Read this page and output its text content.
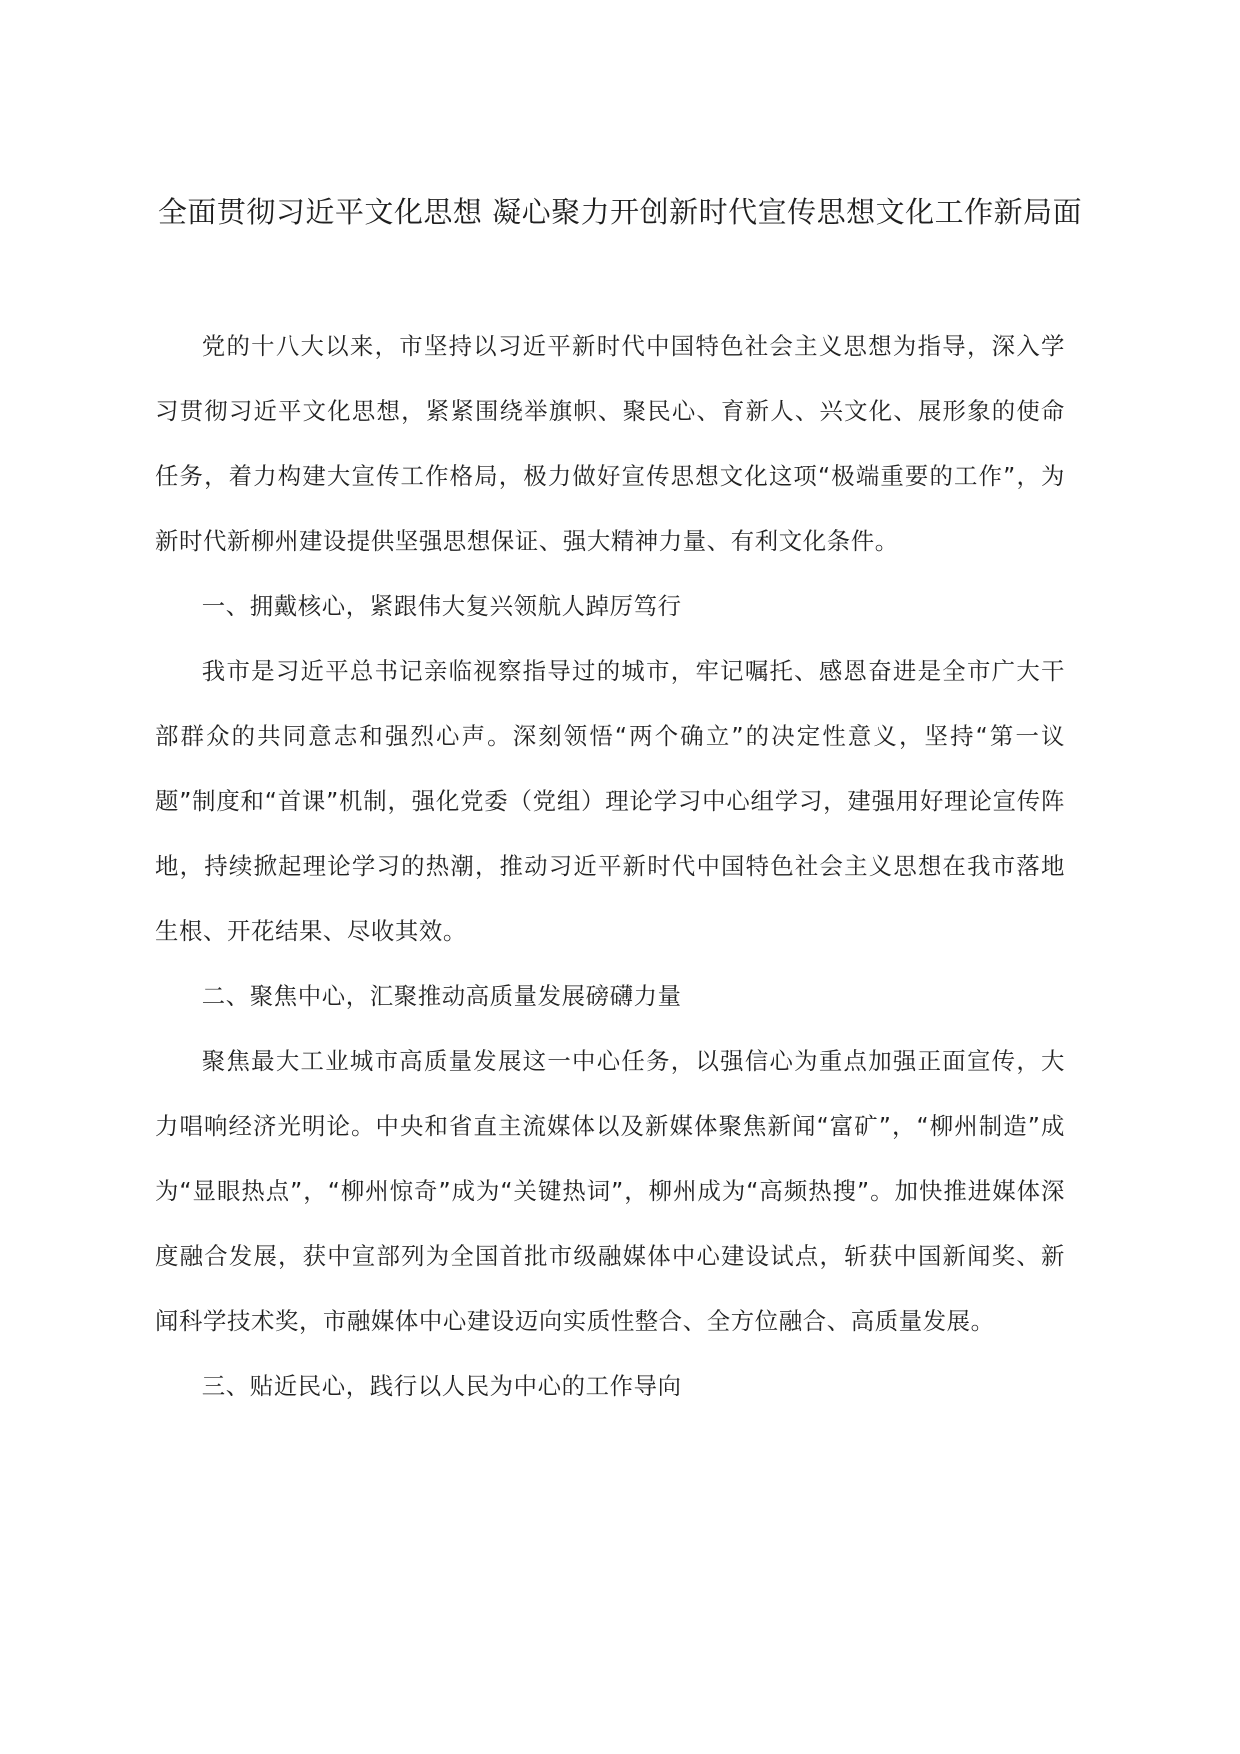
全面贯彻习近平文化思想 凝心聚力开创新时代宣传思想文化工作新局面

党的十八大以来，市坚持以习近平新时代中国特色社会主义思想为指导，深入学习贯彻习近平文化思想，紧紧围绕举旗帜、聚民心、育新人、兴文化、展形象的使命任务，着力构建大宣传工作格局，极力做好宣传思想文化这项“极端重要的工作”，为新时代新柳州建设提供坚强思想保证、强大精神力量、有利文化条件。

一、拥戴核心，紧跟伟大复兴领航人踔厉笃行

我市是习近平总书记亲临视察指导过的城市，牢记嘱托、感恩奋进是全市广大干部群众的共同意志和强烈心声。深刻领悟“两个确立”的决定性意义，坚持“第一议题”制度和“首课”机制，强化党委（党组）理论学习中心组学习，建强用好理论宣传阵地，持续掀起理论学习的热潮，推动习近平新时代中国特色社会主义思想在我市落地生根、开花结果、尽收其效。

二、聚焦中心，汇聚推动高质量发展磅礴力量

聚焦最大工业城市高质量发展这一中心任务，以强信心为重点加强正面宣传，大力唱响经济光明论。中央和省直主流媒体以及新媒体聚焦新闻“富矿”，“柳州制造”成为“显眼热点”，“柳州惊奇”成为“关键热词”，柳州成为“高频热搜”。加快推进媒体深度融合发展，获中宣部列为全国首批市级融媒体中心建设试点，斩获中国新闻奖、新闻科学技术奖，市融媒体中心建设迈向实质性整合、全方位融合、高质量发展。

三、贴近民心，践行以人民为中心的工作导向
